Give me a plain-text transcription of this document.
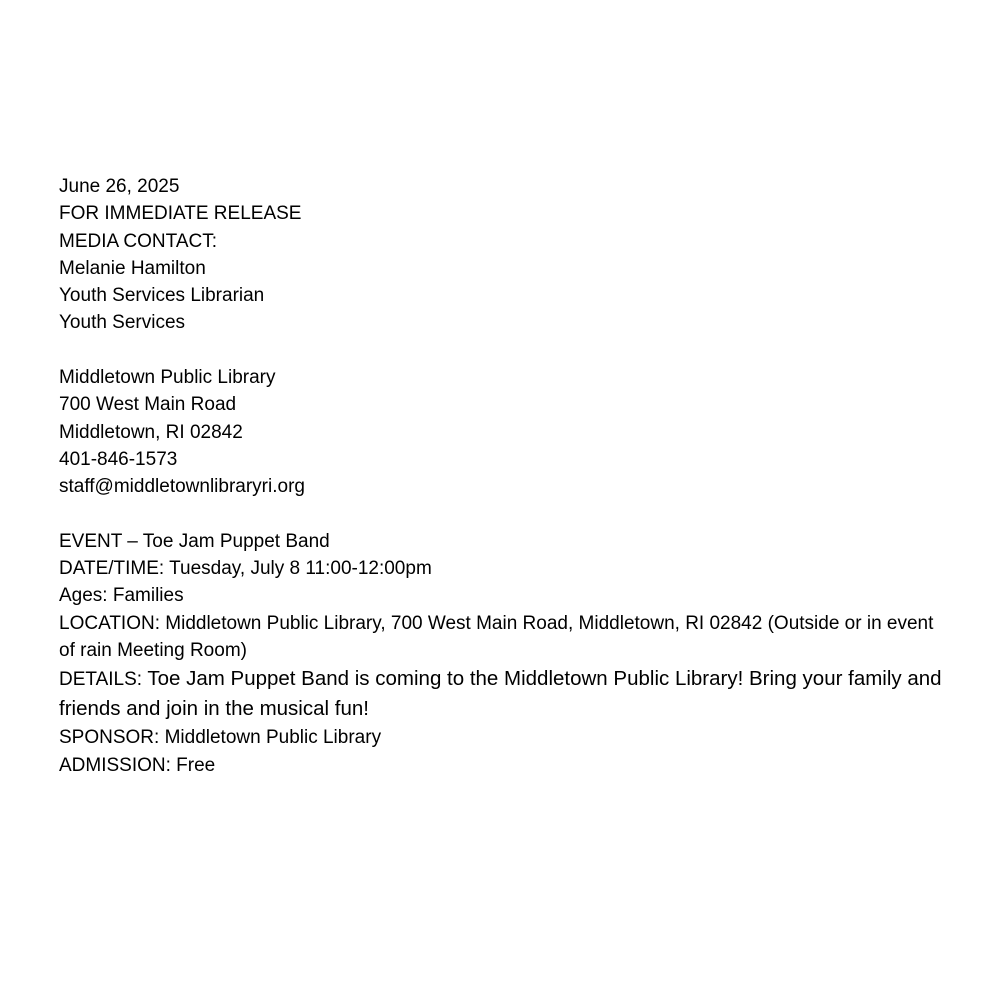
June 26, 2025

FOR IMMEDIATE RELEASE

MEDIA CONTACT:

Melanie Hamilton

Youth Services Librarian

Youth Services

Middletown Public Library

700 West Main Road

Middletown, RI 02842

401-846-1573

staff@middletownlibraryri.org

EVENT – Toe Jam Puppet Band

DATE/TIME: Tuesday, July 8 11:00-12:00pm

Ages: Families

LOCATION: Middletown Public Library, 700 West Main Road, Middletown, RI 02842 (Outside or in event of rain Meeting Room)

DETAILS: Toe Jam Puppet Band is coming to the Middletown Public Library! Bring your family and friends and join in the musical fun!

SPONSOR: Middletown Public Library

ADMISSION: Free
